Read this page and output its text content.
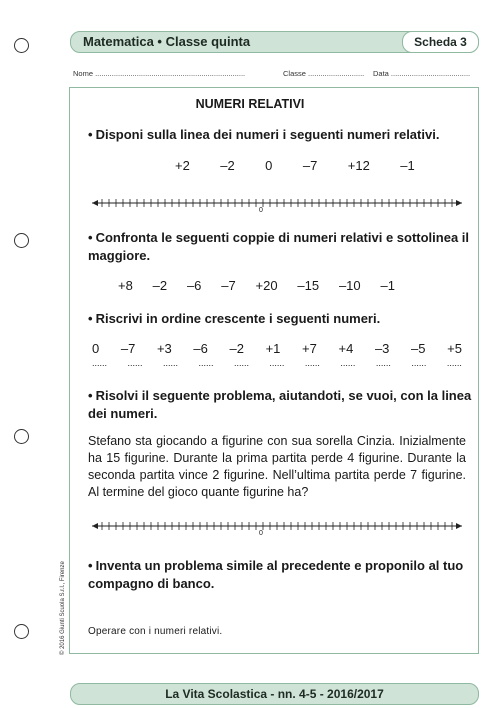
Matematica • Classe quinta	Scheda 3
Nome ........................................................................	Classe ........................... Data ......................................
NUMERI RELATIVI
• Disponi sulla linea dei numeri i seguenti numeri relativi.
+2    –2    0    –7    +12    –1
0
• Confronta le seguenti coppie di numeri relativi e sottolinea il maggiore.
+8   –2   –6   –7   +20   –15   –10   –1
• Riscrivi in ordine crescente i seguenti numeri.
0 –7 +3 –6 –2 +1 +7 +4 –3 –5 +5
...... ...... ...... ...... ...... ...... ...... ...... ...... ...... ......
• Risolvi il seguente problema, aiutandoti, se vuoi, con la linea dei numeri.
Stefano sta giocando a figurine con sua sorella Cinzia. Inizialmente ha 15 figurine. Durante la prima partita perde 4 figurine. Durante la seconda partita vince 2 figurine. Nell’ultima partita perde 7 figurine. Al termine del gioco quante figurine ha?
0
• Inventa un problema simile al precedente e proponilo al tuo compagno di banco.
Operare con i numeri relativi.
© 2016 Giunti Scuola S.r.l., Firenze
La Vita Scolastica - nn. 4-5 - 2016/2017
